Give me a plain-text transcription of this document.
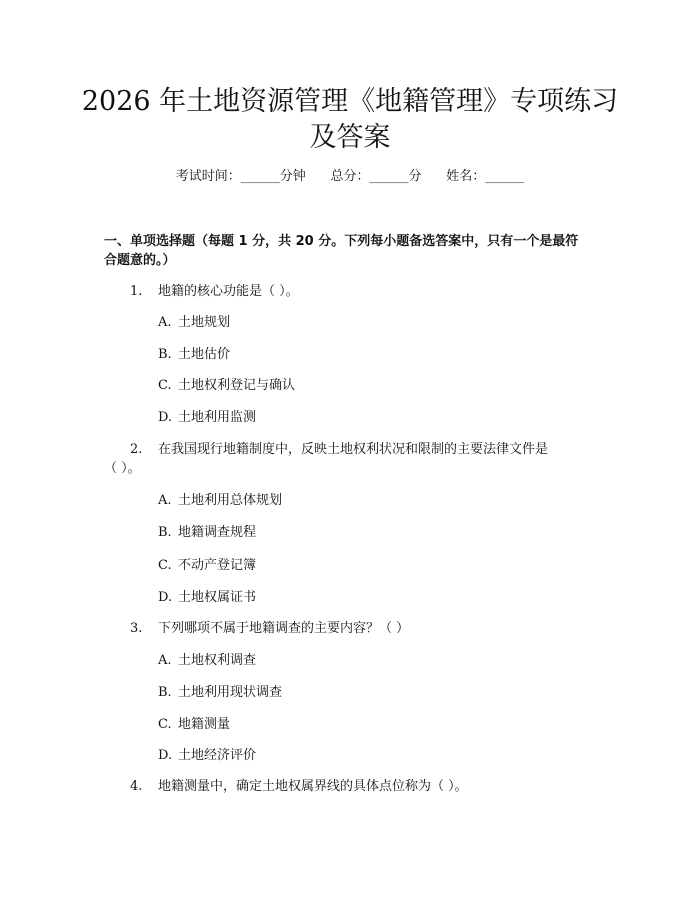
2026 年土地资源管理《地籍管理》专项练习
及答案
考试时间：______分钟      总分：______分      姓名：______
一、单项选择题（每题 1 分，共 20 分。下列每小题备选答案中，只有一个是最符
合题意的。）
1. 地籍的核心功能是（ ）。
A. 土地规划
B. 土地估价
C. 土地权利登记与确认
D. 土地利用监测
2. 在我国现行地籍制度中，反映土地权利状况和限制的主要法律文件是
（ ）。
A. 土地利用总体规划
B. 地籍调查规程
C. 不动产登记簿
D. 土地权属证书
3. 下列哪项不属于地籍调查的主要内容？（ ）
A. 土地权利调查
B. 土地利用现状调查
C. 地籍测量
D. 土地经济评价
4. 地籍测量中，确定土地权属界线的具体点位称为（ ）。
